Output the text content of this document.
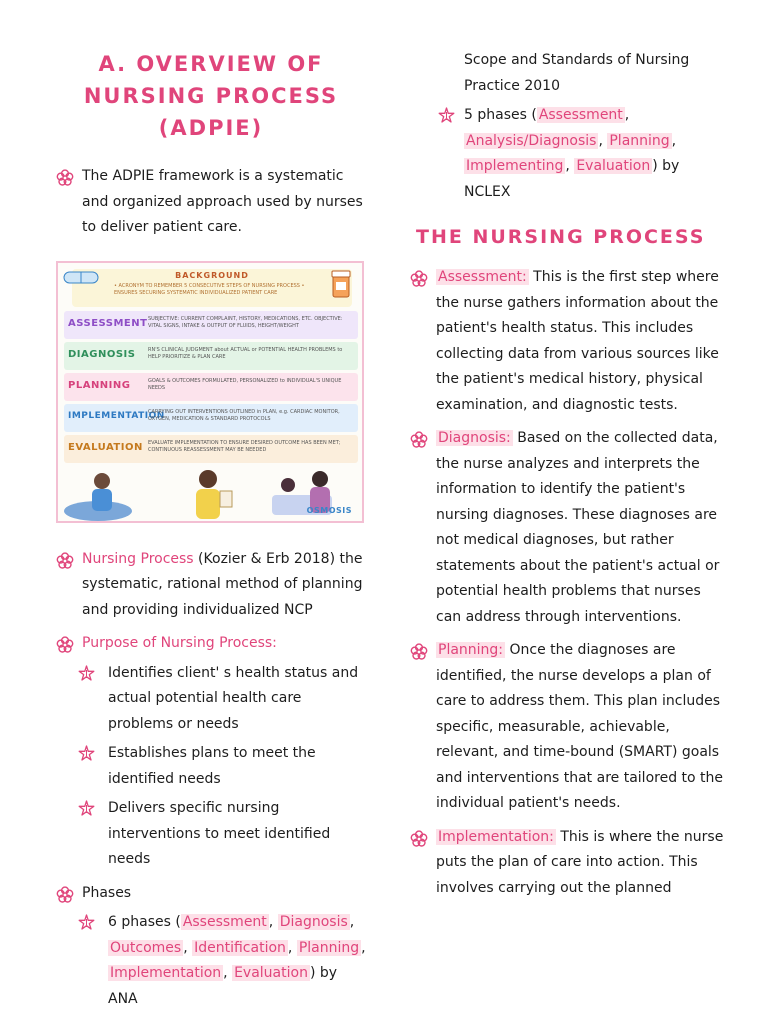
A. OVERVIEW OF
NURSING PROCESS
(ADPIE)
The ADPIE framework is a systematic and organized approach used by nurses to deliver patient care.
BACKGROUND
• ACRONYM TO REMEMBER 5 CONSECUTIVE STEPS OF NURSING PROCESS • ENSURES SECURING SYSTEMATIC INDIVIDUALIZED PATIENT CARE
ASSESSMENT SUBJECTIVE: CURRENT COMPLAINT, HISTORY, MEDICATIONS, ETC. OBJECTIVE: VITAL SIGNS, INTAKE & OUTPUT OF FLUIDS, HEIGHT/WEIGHT
DIAGNOSIS	RN'S CLINICAL JUDGMENT about ACTUAL or POTENTIAL HEALTH PROBLEMS to HELP PRIORITIZE & PLAN CARE
PLANNING	GOALS & OUTCOMES FORMULATED, PERSONALIZED to INDIVIDUAL'S UNIQUE NEEDS
IMPLEMENTATION
CARRYING OUT INTERVENTIONS OUTLINED in PLAN, e.g. CARDIAC MONITOR, OXYGEN, MEDICATION & STANDARD PROTOCOLS
EVALUATION EVALUATE IMPLEMENTATION TO ENSURE DESIRED OUTCOME HAS BEEN MET; CONTINUOUS REASSESSMENT MAY BE NEEDED
OSMOSIS
Nursing Process (Kozier & Erb 2018) the systematic, rational method of planning and providing individualized NCP
Purpose of Nursing Process:
Identifies client' s health status and actual potential health care problems or needs
Establishes plans to meet the identified needs
Delivers specific nursing interventions to meet identified needs
Phases
6 phases ( Assessment , Diagnosis , Outcomes , Identification , Planning , Implementation , Evaluation ) by ANA
Scope and Standards of Nursing Practice 2010
5 phases ( Assessment , Analysis/Diagnosis , Planning , Implementing , Evaluation ) by NCLEX
THE NURSING PROCESS
Assessment: This is the first step where the nurse gathers information about the patient's health status. This includes collecting data from various sources like the patient's medical history, physical examination, and diagnostic tests.
Diagnosis: Based on the collected data, the nurse analyzes and interprets the information to identify the patient's nursing diagnoses. These diagnoses are not medical diagnoses, but rather statements about the patient's actual or potential health problems that nurses can address through interventions.
Planning: Once the diagnoses are identified, the nurse develops a plan of care to address them. This plan includes specific, measurable, achievable, relevant, and time-bound (SMART) goals and interventions that are tailored to the individual patient's needs.
Implementation: This is where the nurse puts the plan of care into action. This involves carrying out the planned
